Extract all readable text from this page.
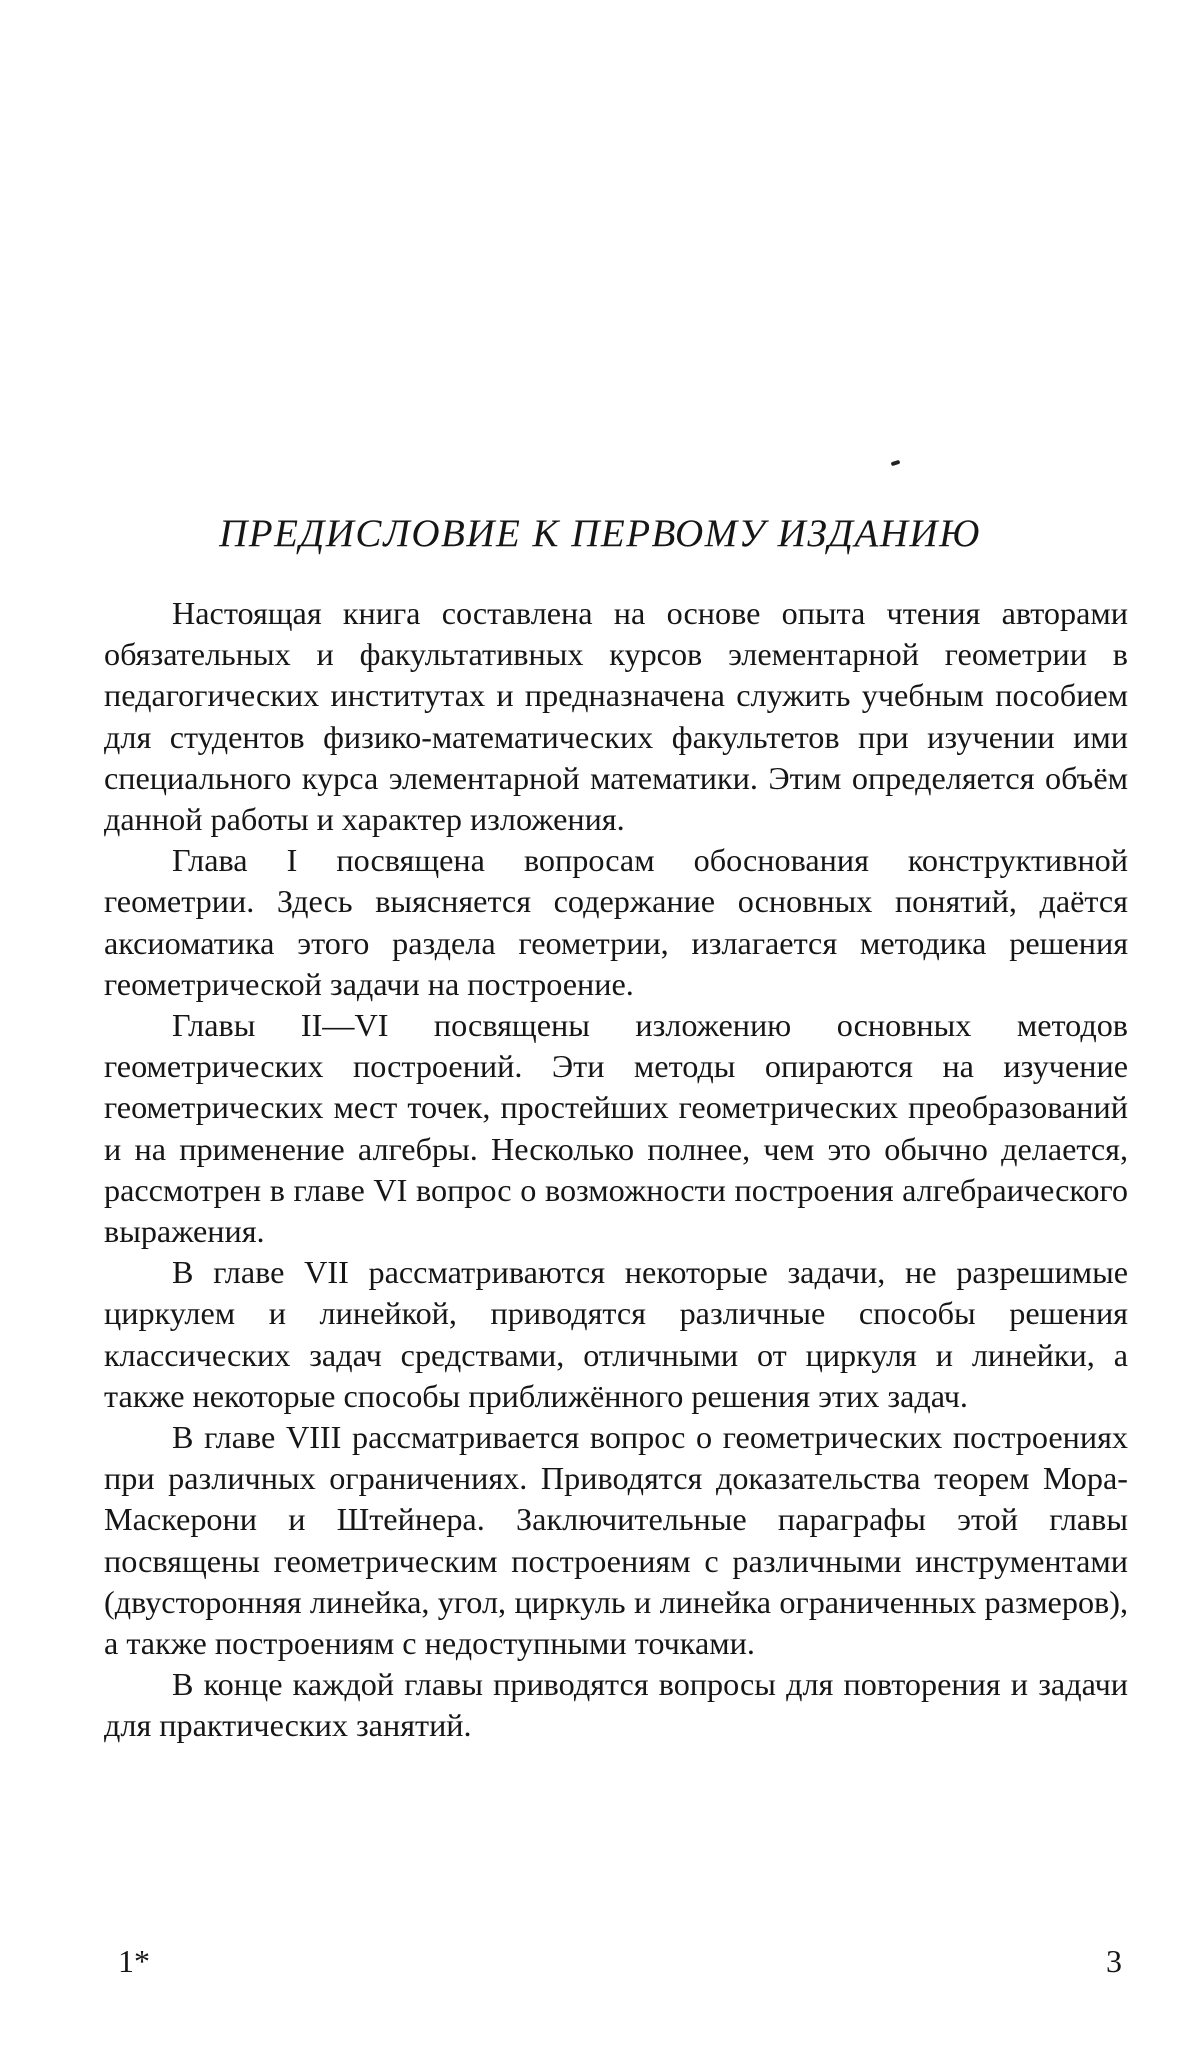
ПРЕДИСЛОВИЕ К ПЕРВОМУ ИЗДАНИЮ

Настоящая книга составлена на основе опыта чтения авторами обязательных и факультативных курсов элементарной геометрии в педагогических институтах и предназначена служить учебным пособием для студентов физико-математических факультетов при изучении ими специального курса элементарной математики. Этим определяется объём данной работы и характер изложения.

Глава I посвящена вопросам обоснования конструктивной геометрии. Здесь выясняется содержание основных понятий, даётся аксиоматика этого раздела геометрии, излагается методика решения геометрической задачи на построение.

Главы II—VI посвящены изложению основных методов геометрических построений. Эти методы опираются на изучение геометрических мест точек, простейших геометрических преобразований и на применение алгебры. Несколько полнее, чем это обычно делается, рассмотрен в главе VI вопрос о возможности построения алгебраического выражения.

В главе VII рассматриваются некоторые задачи, не разрешимые циркулем и линейкой, приводятся различные способы решения классических задач средствами, отличными от циркуля и линейки, а также некоторые способы приближённого решения этих задач.

В главе VIII рассматривается вопрос о геометрических построениях при различных ограничениях. Приводятся доказательства теорем Мора-Маскерони и Штейнера. Заключительные параграфы этой главы посвящены геометрическим построениям с различными инструментами (двусторонняя линейка, угол, циркуль и линейка ограниченных размеров), а также построениям с недоступными точками.

В конце каждой главы приводятся вопросы для повторения и задачи для практических занятий.

1*	3
